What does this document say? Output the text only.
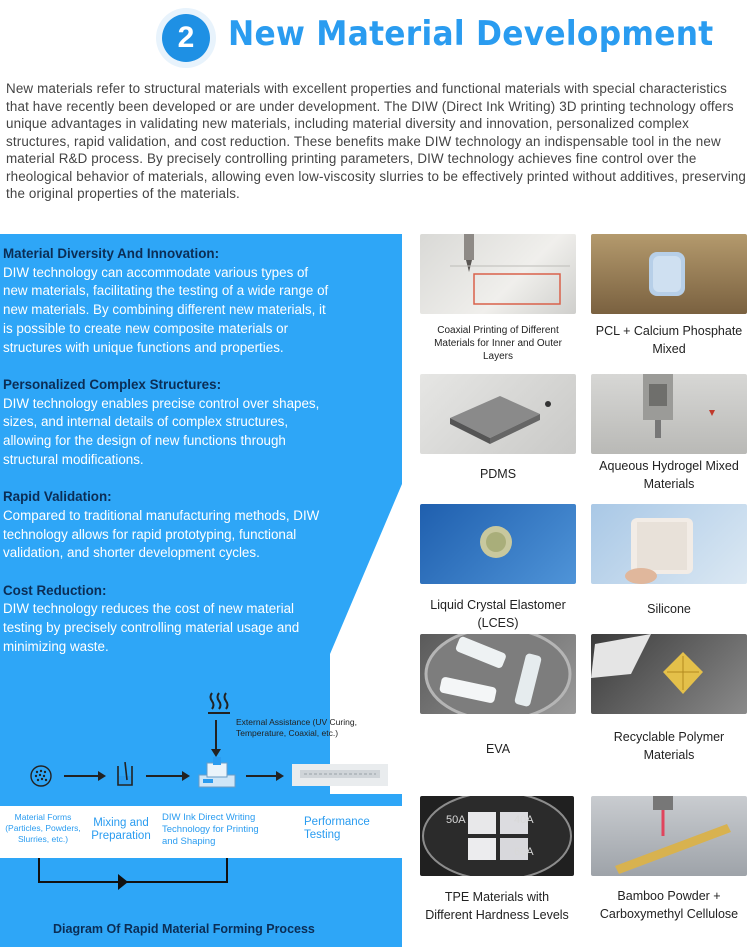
2 New Material Development
New materials refer to structural materials with excellent properties and functional materials with special characteristics that have recently been developed or are under development. The DIW (Direct Ink Writing) 3D printing technology offers unique advantages in validating new materials, including material diversity and innovation, personalized complex structures, rapid validation, and cost reduction. These benefits make DIW technology an indispensable tool in the new material R&D process. By precisely controlling printing parameters, DIW technology achieves fine control over the rheological behavior of materials, allowing even low-viscosity slurries to be effectively printed without additives, preserving the original properties of the materials.
Material Diversity And Innovation:
DIW technology can accommodate various types of new materials, facilitating the testing of a wide range of new materials. By combining different new materials, it is possible to create new composite materials or structures with unique functions and properties.
Personalized Complex Structures:
DIW technology enables precise control over shapes, sizes, and internal details of complex structures, allowing for the design of new functions through structural modifications.
Rapid Validation:
Compared to traditional manufacturing methods, DIW technology allows for rapid prototyping, functional validation, and shorter development cycles.
Cost Reduction:
DIW technology reduces the cost of new material testing by precisely controlling material usage and minimizing waste.
External Assistance (UV Curing, Temperature, Coaxial, etc.)
Material Forms (Particles, Powders, Slurries, etc.)
Mixing and Preparation
DIW Ink Direct Writing Technology for Printing and Shaping
Performance Testing
Diagram Of Rapid Material Forming Process
Coaxial Printing of Different Materials for Inner and Outer Layers
PCL + Calcium Phosphate Mixed
PDMS
Aqueous Hydrogel Mixed Materials
Liquid Crystal Elastomer (LCES)
Silicone
EVA
Recyclable Polymer Materials
50A	40A
60A
TPE Materials with Different Hardness Levels
Bamboo Powder + Carboxymethyl Cellulose
